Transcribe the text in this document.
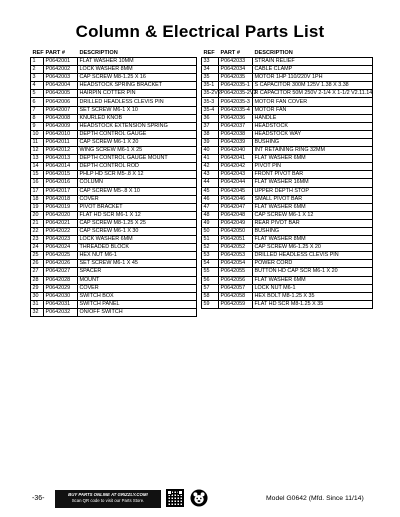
Column & Electrical Parts List
REF	PART #	DESCRIPTION
1	P0642001	FLAT WASHER 10MM
2	P0642002	LOCK WASHER 8MM
3	P0642003	CAP SCREW M8-1.25 X 16
4	P0642004	HEADSTOCK SPRING BRACKET
5	P0642005	HAIRPIN COTTER PIN
6	P0642006	DRILLED HEADLESS CLEVIS PIN
7	P0642007	SET SCREW M6-1 X 10
8	P0642008	KNURLED KNOB
9	P0642009	HEADSTOCK EXTENSION SPRING
10	P0642010	DEPTH CONTROL GAUGE
11	P0642011	CAP SCREW M6-1 X 20
12	P0642012	WING SCREW M6-1 X 25
13	P0642013	DEPTH CONTROL GAUGE MOUNT
14	P0642014	DEPTH CONTROL ROD
15	P0642015	PHLP HD SCR M5-.8 X 12
16	P0642016	COLUMN
17	P0642017	CAP SCREW M5-.8 X 10
18	P0642018	COVER
19	P0642019	PIVOT BRACKET
20	P0642020	FLAT HD SCR M6-1 X 12
21	P0642021	CAP SCREW M8-1.25 X 25
22	P0642022	CAP SCREW M6-1 X 30
23	P0642023	LOCK WASHER 6MM
24	P0642024	THREADED BLOCK
25	P0642025	HEX NUT M6-1
26	P0642026	SET SCREW M6-1 X 45
27	P0642027	SPACER
28	P0642028	MOUNT
29	P0642029	COVER
30	P0642030	SWITCH BOX
31	P0642031	SWITCH PANEL
32	P0642032	ON/OFF SWITCH
REF	PART #	DESCRIPTION
33	P0642033	STRAIN RELIEF
34	P0642034	CABLE CLAMP
35	P0642035	MOTOR 1HP 110/220V 1PH
35-1	P0642035-1	S CAPACITOR 300M 125V 1.38 X 3.38
35-2V2	P0642035-2V2	R CAPACITOR 50M 250V 2-1/4 X 1-1/2 V2.11.14
35-3	P0642035-3	MOTOR FAN COVER
35-4	P0642035-4	MOTOR FAN
36	P0642036	HANDLE
37	P0642037	HEADSTOCK
38	P0642038	HEADSTOCK WAY
39	P0642039	BUSHING
40	P0642040	INT RETAINING RING 32MM
41	P0642041	FLAT WASHER 6MM
42	P0642042	PIVOT PIN
43	P0642043	FRONT PIVOT BAR
44	P0642044	FLAT WASHER 16MM
45	P0642045	UPPER DEPTH STOP
46	P0642046	SMALL PIVOT BAR
47	P0642047	FLAT WASHER 6MM
48	P0642048	CAP SCREW M6-1 X 12
49	P0642049	REAR PIVOT BAR
50	P0642050	BUSHING
51	P0642051	FLAT WASHER 8MM
52	P0642052	CAP SCREW M6-1.25 X 20
53	P0642053	DRILLED HEADLESS CLEVIS PIN
54	P0642054	POWER CORD
55	P0642055	BUTTON HD CAP SCR M6-1 X 20
56	P0642056	FLAT WASHER 6MM
57	P0642057	LOCK NUT M6-1
58	P0642058	HEX BOLT M8-1.25 X 35
59	P0642059	FLAT HD SCR M8-1.25 X 35
-36-
BUY PARTS ONLINE AT GRIZZLY.COM!
Scan QR code to visit our Parts Store.	Model G0642 (Mfd. Since 11/14)
